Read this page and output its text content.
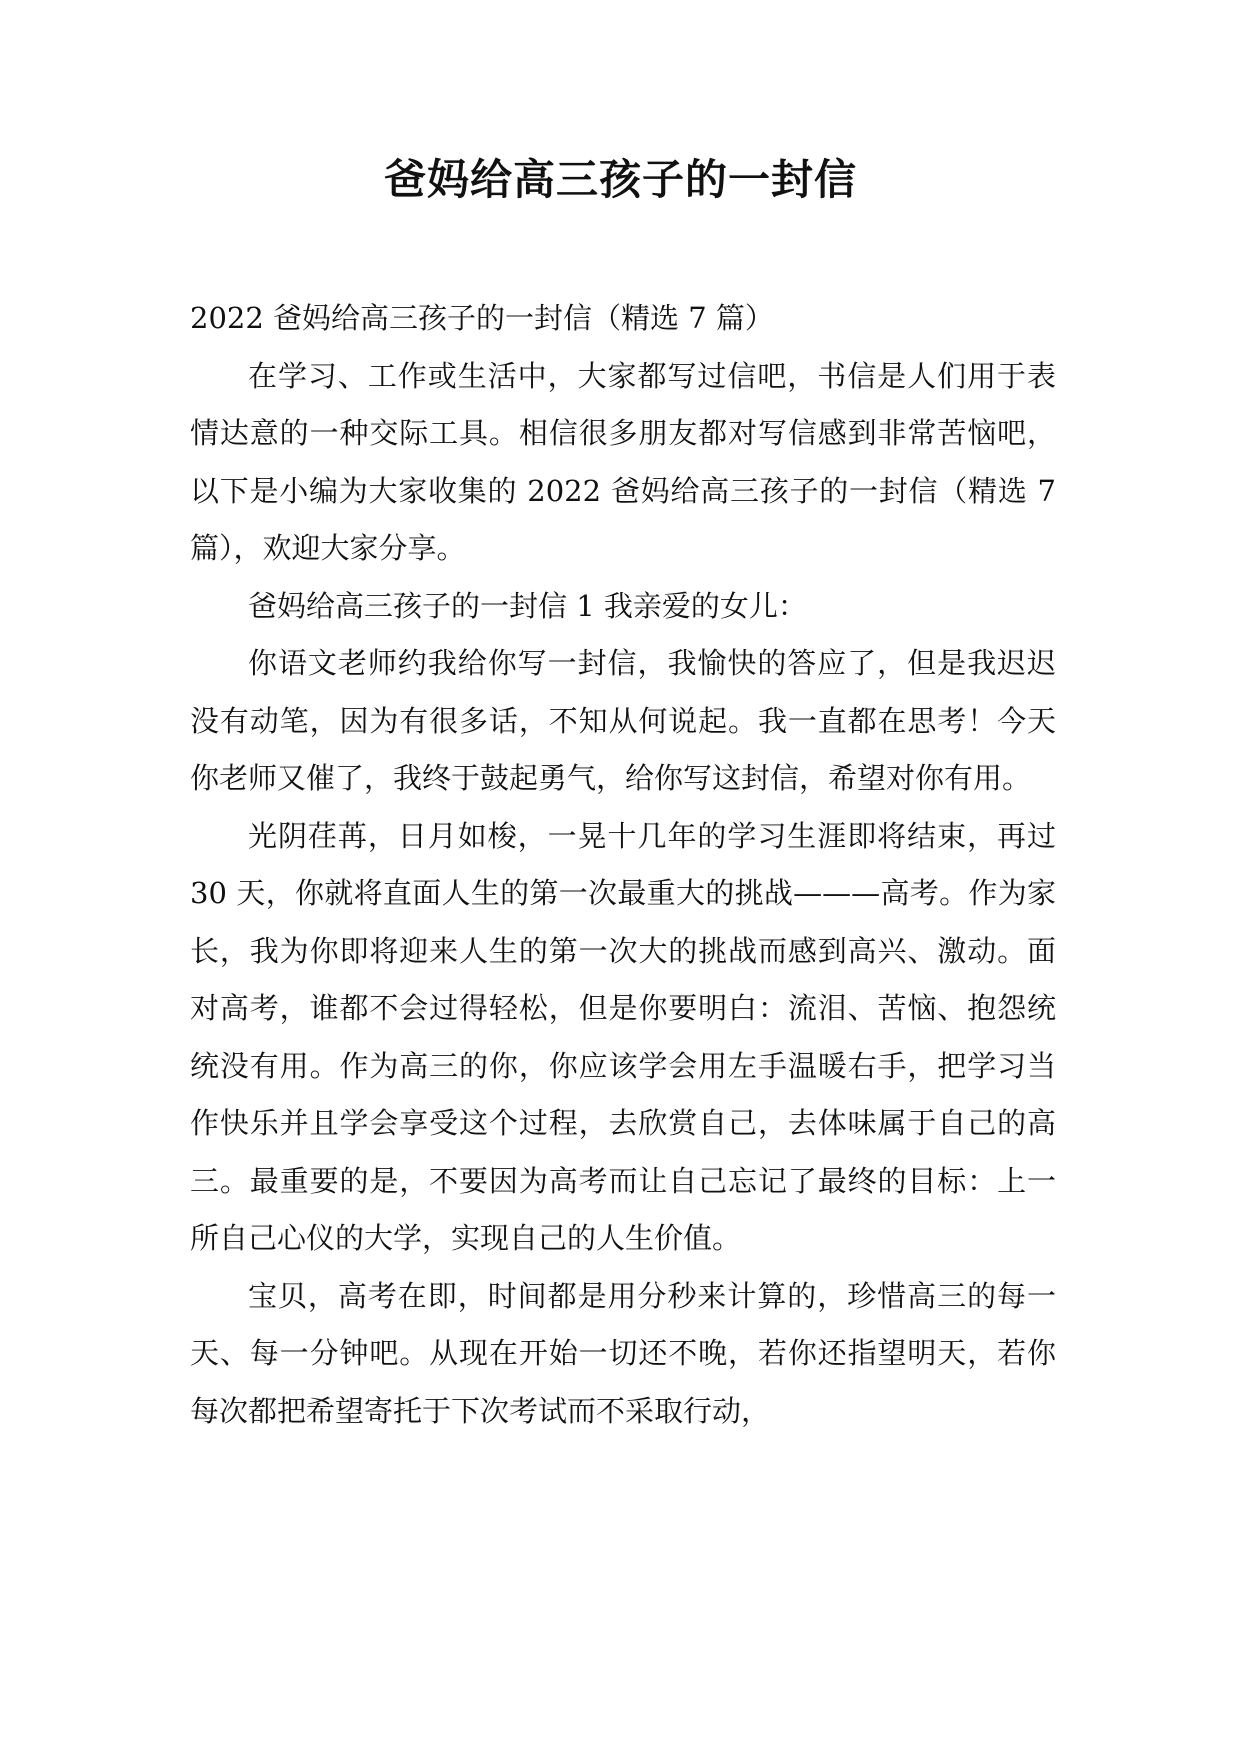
爸妈给高三孩子的一封信

2022 爸妈给高三孩子的一封信（精选 7 篇）

在学习、工作或生活中，大家都写过信吧，书信是人们用于表情达意的一种交际工具。相信很多朋友都对写信感到非常苦恼吧，以下是小编为大家收集的 2022 爸妈给高三孩子的一封信（精选 7 篇），欢迎大家分享。

爸妈给高三孩子的一封信 1 我亲爱的女儿：

你语文老师约我给你写一封信，我愉快的答应了，但是我迟迟没有动笔，因为有很多话，不知从何说起。我一直都在思考！今天你老师又催了，我终于鼓起勇气，给你写这封信，希望对你有用。

光阴荏苒，日月如梭，一晃十几年的学习生涯即将结束，再过 30 天，你就将直面人生的第一次最重大的挑战———高考。作为家长，我为你即将迎来人生的第一次大的挑战而感到高兴、激动。面对高考，谁都不会过得轻松，但是你要明白：流泪、苦恼、抱怨统统没有用。作为高三的你，你应该学会用左手温暖右手，把学习当作快乐并且学会享受这个过程，去欣赏自己，去体味属于自己的高三。最重要的是，不要因为高考而让自己忘记了最终的目标：上一所自己心仪的大学，实现自己的人生价值。

宝贝，高考在即，时间都是用分秒来计算的，珍惜高三的每一天、每一分钟吧。从现在开始一切还不晚，若你还指望明天，若你每次都把希望寄托于下次考试而不采取行动，
